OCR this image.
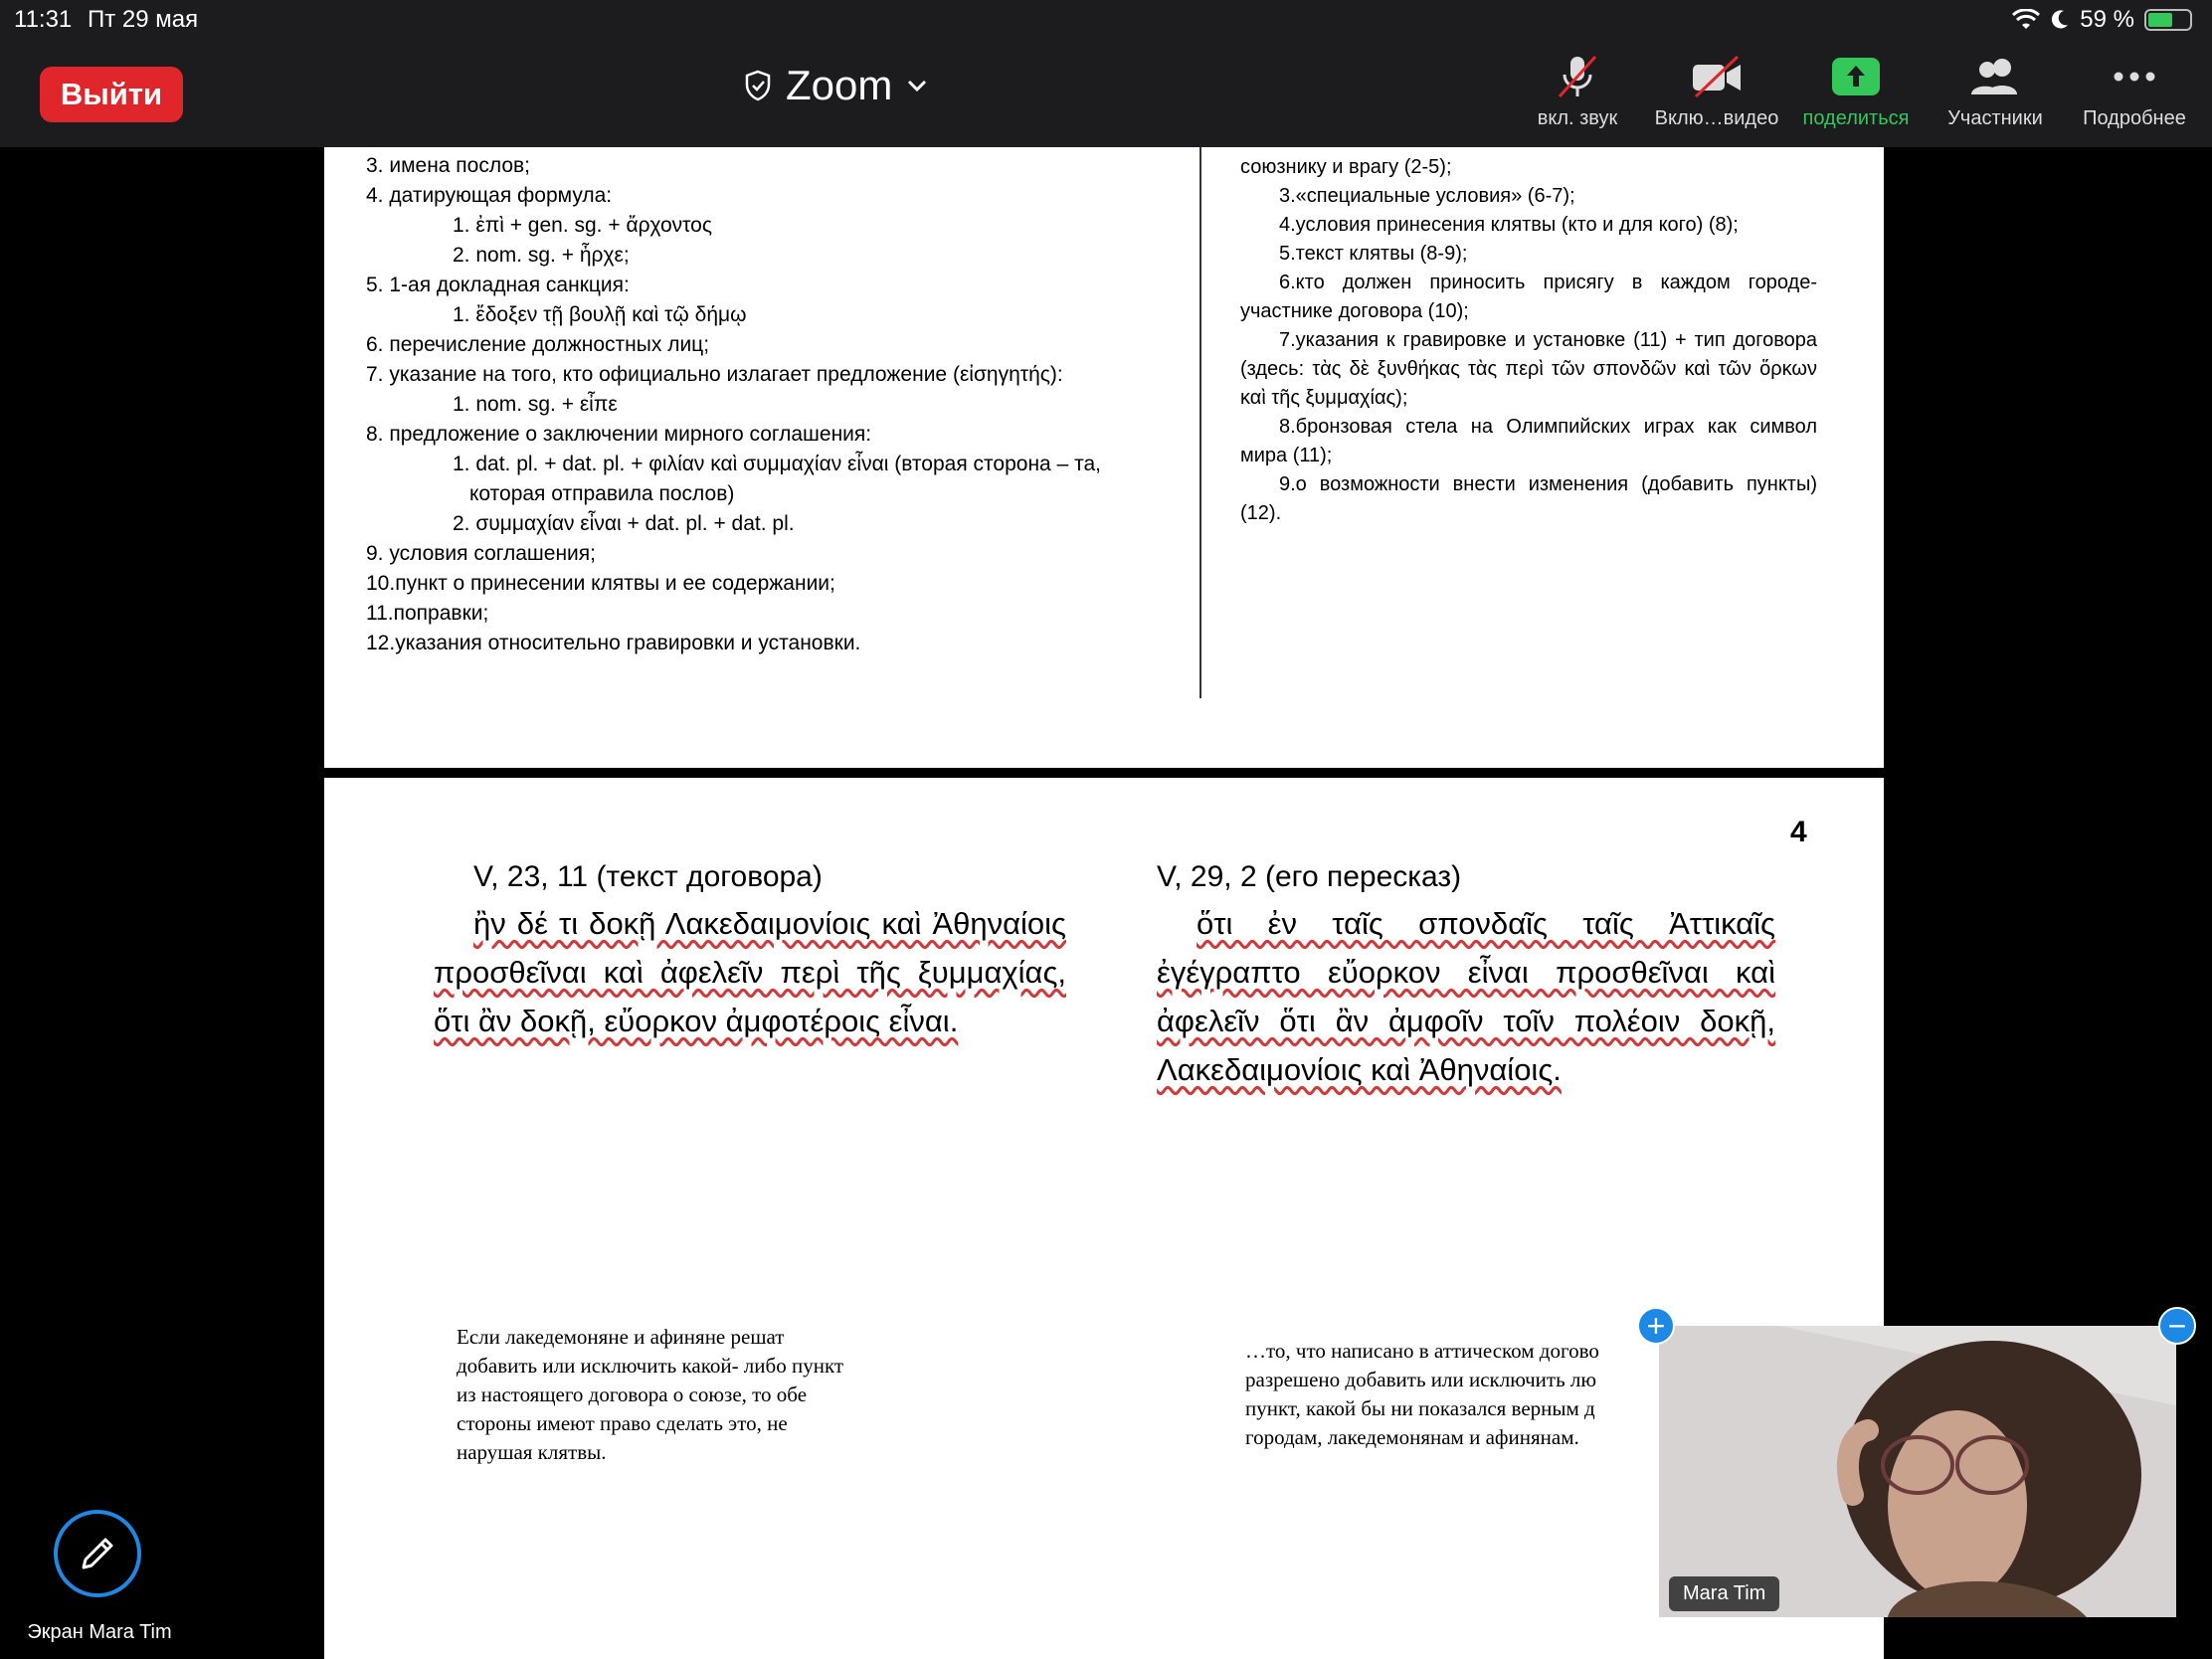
11:31 Пт 29 мая	59 %
Выйти	Zoom
вкл. звук	Вклю…видео	поделиться	Участники	Подробнее
3. имена послов;
4. датирующая формула:
1. ἐπὶ + gen. sg. + ἄρχοντος
2. nom. sg. + ἦρχε;
5. 1-ая докладная санкция:
1. ἔδοξεν τῇ βουλῇ καὶ τῷ δήμῳ
6. перечисление должностных лиц;
7. указание на того, кто официально излагает предложение (εἰσηγητής):
1. nom. sg. + εἶπε
8. предложение о заключении мирного соглашения:
1. dat. pl. + dat. pl. + φιλίαν καὶ συμμαχίαν εἶναι (вторая сторона – та,
которая отправила послов)
2. συμμαχίαν εἶναι + dat. pl. + dat. pl.
9. условия соглашения;
10.пункт о принесении клятвы и ее содержании;
11.поправки;
12.указания относительно гравировки и установки.
союзнику и врагу (2-5);
3.«специальные условия» (6-7);
4.условия принесения клятвы (кто и для кого) (8);
5.текст клятвы (8-9);
6.кто должен приносить присягу в каждом городе-участнике договора (10);
7.указания к гравировке и установке (11) + тип договора (здесь: τὰς δὲ ξυνθήκας τὰς περὶ τῶν σπονδῶν καὶ τῶν ὅρκων καὶ τῆς ξυμμαχίας);
8.бронзовая стела на Олимпийских играх как символ мира (11);
9.о возможности внести изменения (добавить пункты) (12).
4
V, 23, 11 (текст договора)
ἢν δέ τι δοκῇ Λακεδαιμονίοις καὶ Ἀθηναίοις προσθεῖναι καὶ ἀφελεῖν περὶ τῆς ξυμμαχίας, ὅτι ἂν δοκῇ, εὔορκον ἀμφοτέροις εἶναι.
V, 29, 2 (его пересказ)
ὅτι ἐν ταῖς σπονδαῖς ταῖς Ἀττικαῖς ἐγέγραπτο εὔορκον εἶναι προσθεῖναι καὶ ἀφελεῖν ὅτι ἂν ἀμφοῖν τοῖν πολέοιν δοκῇ, Λακεδαιμονίοις καὶ Ἀθηναίοις.
Если лакедемоняне и афиняне решат
добавить или исключить какой- либо пункт
из настоящего договора о союзе, то обе
стороны имеют право сделать это, не
нарушая клятвы.
…то, что написано в аттическом догово
разрешено добавить или исключить лю
пункт, какой бы ни показался верным д
городам, лакедемонянам и афинянам.
Mara Tim
+	−
Экран Mara Tim
